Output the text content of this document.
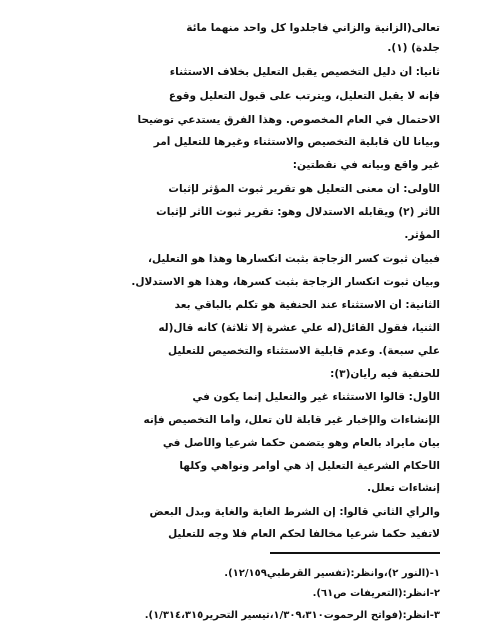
تعالى(الزانية والزاني فاجلدوا كل واحد منهما مائة
جلدة) (١).
ثانياً: أن دليل التخصيص يقبل التعليل بخلاف الاستثناء
فإنه لا يقبل التعليل، ويترتب على قبول التعليل وقوع
الاحتمال في العام المخصوص. وهذا الفرق يستدعي توضيحاً
وبياناً لأن قابلية التخصيص والاستثناء وغيرها للتعليل أمر
غير واقع وبيانه في نقطتين:
الأولى: أن معنى التعليل هو تقرير ثبوت المؤثر لإثبات
الأثر (٢) ويقابله الاستدلال وهو: تقرير ثبوت الأثر لإثبات
المؤثر.
فبيان ثبوت كسر الزجاجة بثبت انكسارها وهذا هو التعليل،
وبيان ثبوت انكسار الزجاجة بثبت كسرها، وهذا هو الاستدلال.
الثانية: أن الاستثناء عند الحنفية هو تكلم بالباقي بعد
الثنيا، فقول القائل(له علي عشرة إلا ثلاثة) كأنه قال(له
علي سبعة). وعدم قابلية الاستثناء والتخصيص للتعليل
للحنفية فيه رأيان(٣):
الأول: قالوا الاستثناء غير والتعليل إنما يكون في
الإنشاءات والإخبار غير قابلة لأن تعلل، وأما التخصيص فإنه
بيان مايراد بالعام وهو يتضمن حكماً شرعياً والأصل في
الأحكام الشرعية التعليل إذ هي أوامر ونواهي وكلها
إنشاءات تعلل.
والرأي الثاني قالوا: إن الشرط الغاية والغاية وبدل البعض
لاتفيد حكماً شرعياً مخالفاً لحكم العام فلا وجه للتعليل
١-(النور ٢)،وانظر:(تفسير القرطبي١٢/١٥٩).
٢-انظر:(التعريفات ص٦١).
٣-انظر:(فواتح الرحموت١/٣٠٩،٣١٠،تيسير التحرير١/٣١٤،٣١٥).
